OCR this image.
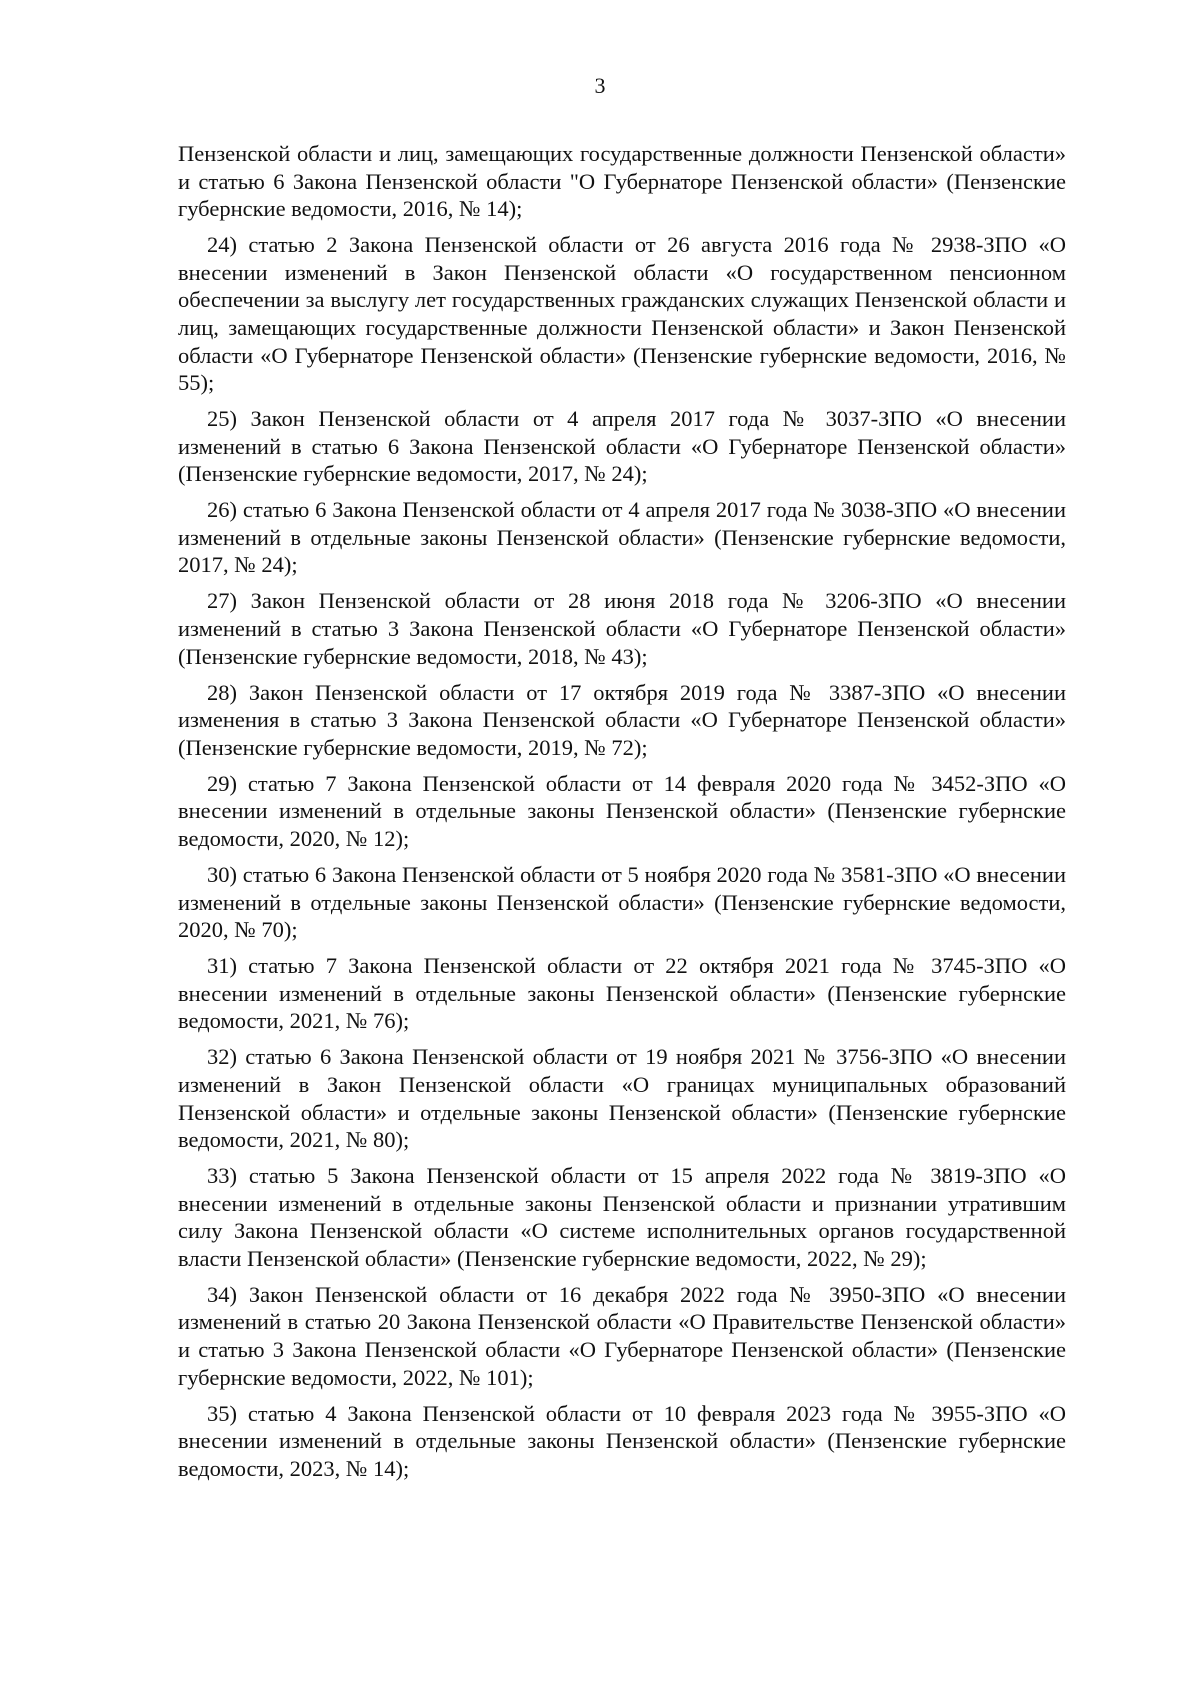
3

Пензенской области и лиц, замещающих государственные должности Пензенской области» и статью 6 Закона Пензенской области "О Губернаторе Пензенской области» (Пензенские губернские ведомости, 2016, № 14);

24) статью 2 Закона Пензенской области от 26 августа 2016 года № 2938-ЗПО «О внесении изменений в Закон Пензенской области «О государственном пенсионном обеспечении за выслугу лет государственных гражданских служащих Пензенской области и лиц, замещающих государственные должности Пензенской области» и Закон Пензенской области «О Губернаторе Пензенской области» (Пензенские губернские ведомости, 2016, № 55);

25) Закон Пензенской области от 4 апреля 2017 года № 3037-ЗПО «О внесении изменений в статью 6 Закона Пензенской области «О Губернаторе Пензенской области» (Пензенские губернские ведомости, 2017, № 24);

26) статью 6 Закона Пензенской области от 4 апреля 2017 года № 3038-ЗПО «О внесении изменений в отдельные законы Пензенской области» (Пензенские губернские ведомости, 2017, № 24);

27) Закон Пензенской области от 28 июня 2018 года № 3206-ЗПО «О внесении изменений в статью 3 Закона Пензенской области «О Губернаторе Пензенской области» (Пензенские губернские ведомости, 2018, № 43);

28) Закон Пензенской области от 17 октября 2019 года № 3387-ЗПО «О внесении изменения в статью 3 Закона Пензенской области «О Губернаторе Пензенской области» (Пензенские губернские ведомости, 2019, № 72);

29) статью 7 Закона Пензенской области от 14 февраля 2020 года № 3452-ЗПО «О внесении изменений в отдельные законы Пензенской области» (Пензенские губернские ведомости, 2020, № 12);

30) статью 6 Закона Пензенской области от 5 ноября 2020 года № 3581-ЗПО «О внесении изменений в отдельные законы Пензенской области» (Пензенские губернские ведомости, 2020, № 70);

31) статью 7 Закона Пензенской области от 22 октября 2021 года № 3745-ЗПО «О внесении изменений в отдельные законы Пензенской области» (Пензенские губернские ведомости, 2021, № 76);

32) статью 6 Закона Пензенской области от 19 ноября 2021 № 3756-ЗПО «О внесении изменений в Закон Пензенской области «О границах муниципальных образований Пензенской области» и отдельные законы Пензенской области» (Пензенские губернские ведомости, 2021, № 80);

33) статью 5 Закона Пензенской области от 15 апреля 2022 года № 3819-ЗПО «О внесении изменений в отдельные законы Пензенской области и признании утратившим силу Закона Пензенской области «О системе исполнительных органов государственной власти Пензенской области» (Пензенские губернские ведомости, 2022, № 29);

34) Закон Пензенской области от 16 декабря 2022 года № 3950-ЗПО «О внесении изменений в статью 20 Закона Пензенской области «О Правительстве Пензенской области» и статью 3 Закона Пензенской области «О Губернаторе Пензенской области» (Пензенские губернские ведомости, 2022, № 101);

35) статью 4 Закона Пензенской области от 10 февраля 2023 года № 3955-ЗПО «О внесении изменений в отдельные законы Пензенской области» (Пензенские губернские ведомости, 2023, № 14);
